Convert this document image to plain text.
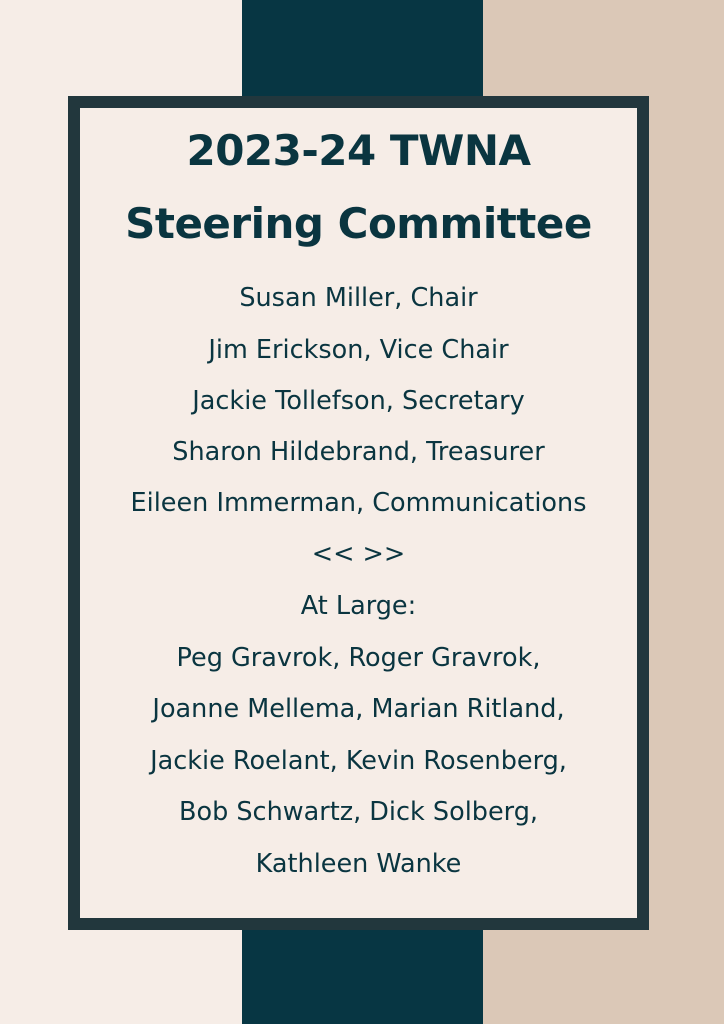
2023-24 TWNA
Steering Committee
Susan Miller, Chair
Jim Erickson, Vice Chair
Jackie Tollefson, Secretary
Sharon Hildebrand, Treasurer
Eileen Immerman, Communications
<< >>
At Large:
Peg Gravrok, Roger Gravrok,
Joanne Mellema, Marian Ritland,
Jackie Roelant, Kevin Rosenberg,
Bob Schwartz, Dick Solberg,
Kathleen Wanke
